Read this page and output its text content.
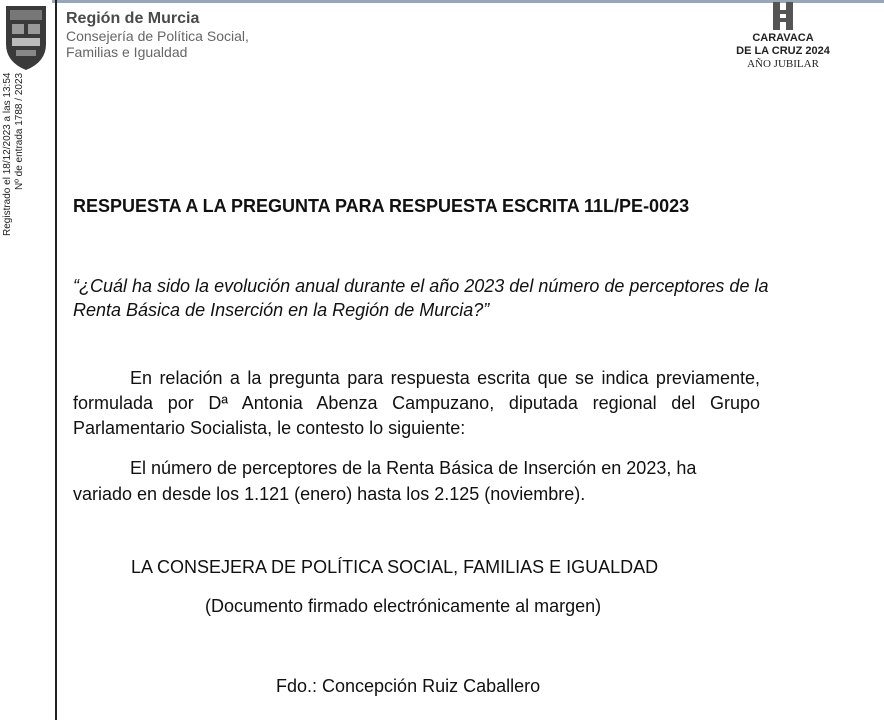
Registrado el 18/12/2023 a las 13:54 Nº de entrada 1788 / 2023
Región de Murcia
Consejería de Política Social,
Familias e Igualdad
CARAVACA
DE LA CRUZ 2024
AÑO JUBILAR
RESPUESTA A LA PREGUNTA PARA RESPUESTA ESCRITA 11L/PE-0023
“¿Cuál ha sido la evolución anual durante el año 2023 del número de perceptores de la Renta Básica de Inserción en la Región de Murcia?”
En relación a la pregunta para respuesta escrita que se indica previamente, formulada por Dª Antonia Abenza Campuzano, diputada regional del Grupo Parlamentario Socialista, le contesto lo siguiente:
El número de perceptores de la Renta Básica de Inserción en 2023, ha variado en desde los 1.121 (enero) hasta los 2.125 (noviembre).
LA CONSEJERA DE POLÍTICA SOCIAL, FAMILIAS E IGUALDAD
(Documento firmado electrónicamente al margen)
Fdo.: Concepción Ruiz Caballero
